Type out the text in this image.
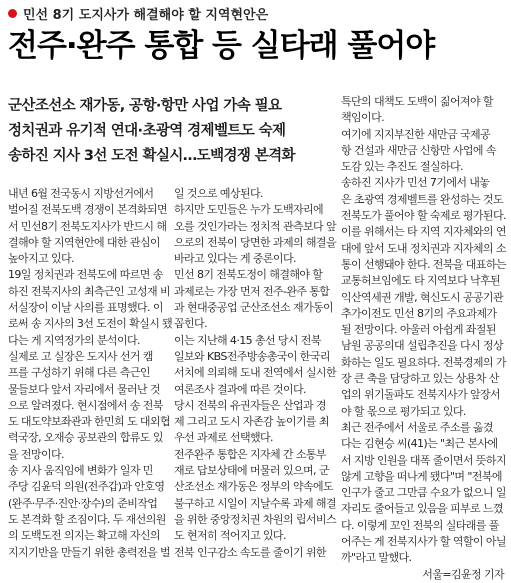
민선 8기 도지사가 해결해야 할 지역현안은
전주·완주 통합 등 실타래 풀어야
군산조선소 재가동, 공항·항만 사업 가속 필요
정치권과 유기적 연대·초광역 경제벨트도 숙제
송하진 지사 3선 도전 확실시…도백경쟁 본격화

내년 6월 전국동시 지방선거에서

벌어질 전북도백 경쟁이 본격화되면

서 민선8기 전북도지사가 반드시 해

결해야 할 지역현안에 대한 관심이

높아지고 있다.

19일 정치권과 전북도에 따르면 송

하진 전북지사의 최측근인 고성재 비

서실장이 이날 사의를 표명했다. 이

로써 송 지사의 3선 도전이 확실시 됐

다는 게 지역정가의 분석이다.

실제로 고 실장은 도지사 선거 캠

프를 구성하기 위해 다른 측근인

물들보다 앞서 자리에서 물러난 것

으로 알려졌다. 현시점에서 송 전북

도 대도약보좌관과 한민희 도 대외협

력국장, 오재승 공보관의 합류도 있

을 전망이다.

송 지사 움직임에 변화가 일자 민

주당 김윤덕 의원(전주갑)과 안호영

(완주·무주·진안·장수)의 준비작업

도 본격화 할 조짐이다. 두 재선의원

의 도백도전 의지는 확고해 자신의

지지기반을 만들기 위한 총력전을 벌

일 것으로 예상된다.

하지만 도민들은 누가 도백자리에

오를 것인가라는 정치적 관측보다 앞

으로의 전북이 당면한 과제의 해결을

바라고 있다는 게 중론이다.

민선 8기 전북도정이 해결해야 할

과제로는 가장 먼저 전주-완주 통합

과 현대중공업 군산조선소 재가동이

꼽힌다.

이는 지난해 4·15 총선 당시 전북

일보와 KBS전주방송총국이 한국리

서치에 의뢰해 도내 전역에서 실시한

여론조사 결과에 따른 것이다.

당시 전북의 유권자들은 산업과 경

제 그리고 도시 자존감 높이기를 최

우선 과제로 선택했다.

전주완주 통합은 지자체 간 소통부

재로 답보상태에 머물러 있으며, 군

산조선소 재가동은 정부의 약속에도

불구하고 시일이 지날수록 과제 해결

을 위한 중앙정치권 차원의 립서비스

도 현저히 적어지고 있다.

전북 인구감소 속도를 줄이기 위한

특단의 대책도 도백이 짊어져야 할

책임이다.

여기에 지지부진한 새만금 국제공

항 건설과 새만금 신항만 사업에 속

도감 있는 추진도 절실하다.

송하진 지사가 민선 7기에서 내놓

은 초광역 경제벨트를 완성하는 것도

전북도가 풀어야 할 숙제로 평가된다.

이를 위해서는 타 지역 지자체와의 연

대에 앞서 도내 정치권과 지자체의 소

통이 선행돼야 한다. 전북을 대표하는

교통허브임에도 타 지역보다 낙후된

익산역세권 개발, 혁신도시 공공기관

추가이전도 민선 8기의 주요과제가

될 전망이다. 아울러 아쉽게 좌절된

남원 공공의대 설립추진을 다시 정상

화하는 일도 필요하다. 전북경제의 가

장 큰 축을 담당하고 있는 상용차 산

업의 위기돌파도 전북지사가 앞장서

야 할 몫으로 평가되고 있다.

최근 전주에서 서울로 주소를 옮겼

다는 김현승 씨(41)는 "최근 본사에

서 지방 인원을 대폭 줄이면서 뜻하지

않게 고향을 떠나게 됐다"며 "전북에

인구가 줄고 그만큼 수요가 없으니 일

자리도 줄어들고 있음을 피부로 느꼈

다. 이렇게 꼬인 전북의 실타래를 풀

어주는 게 전북지사가 할 역할이 아닐

까"라고 말했다.

서울=김윤정 기자
